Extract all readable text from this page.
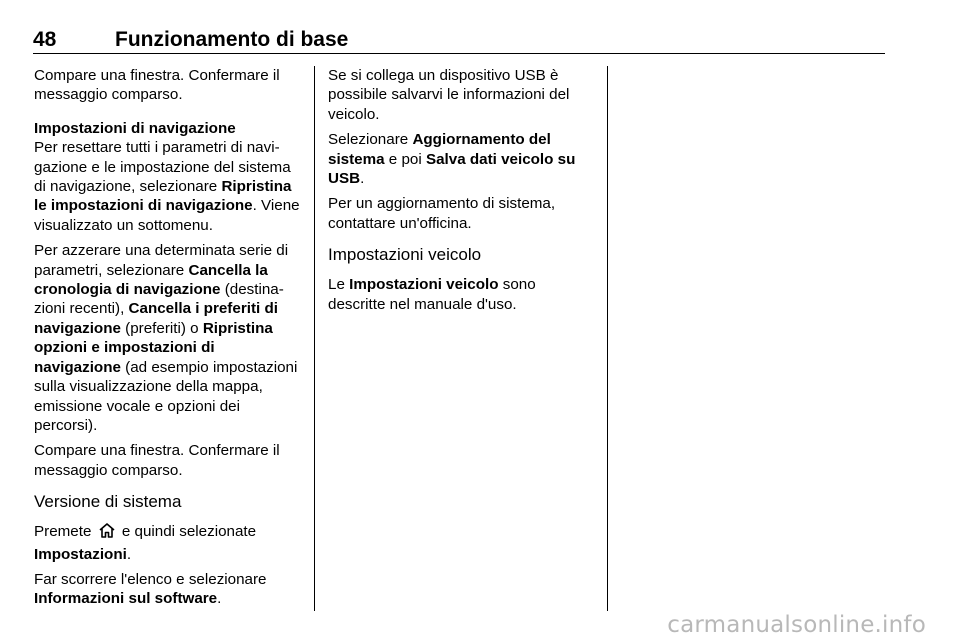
48	Funzionamento di base

Compare una finestra. Confermare il messaggio comparso.

Impostazioni di navigazione
Per resettare tutti i parametri di navigazione e le impostazione del sistema di navigazione, selezionare Ripristina le impostazioni di navigazione. Viene visualizzato un sottomenu.

Per azzerare una determinata serie di parametri, selezionare Cancella la cronologia di navigazione (destinazioni recenti), Cancella i preferiti di navigazione (preferiti) o Ripristina opzioni e impostazioni di navigazione (ad esempio impostazioni sulla visualizzazione della mappa, emissione vocale e opzioni dei percorsi).

Compare una finestra. Confermare il messaggio comparso.

Versione di sistema

Premete  e quindi selezionate Impostazioni.

Far scorrere l'elenco e selezionare Informazioni sul software.

Se si collega un dispositivo USB è possibile salvarvi le informazioni del veicolo.

Selezionare Aggiornamento del sistema e poi Salva dati veicolo su USB.

Per un aggiornamento di sistema, contattare un'officina.

Impostazioni veicolo

Le Impostazioni veicolo sono descritte nel manuale d'uso.

carmanualsonline.info
